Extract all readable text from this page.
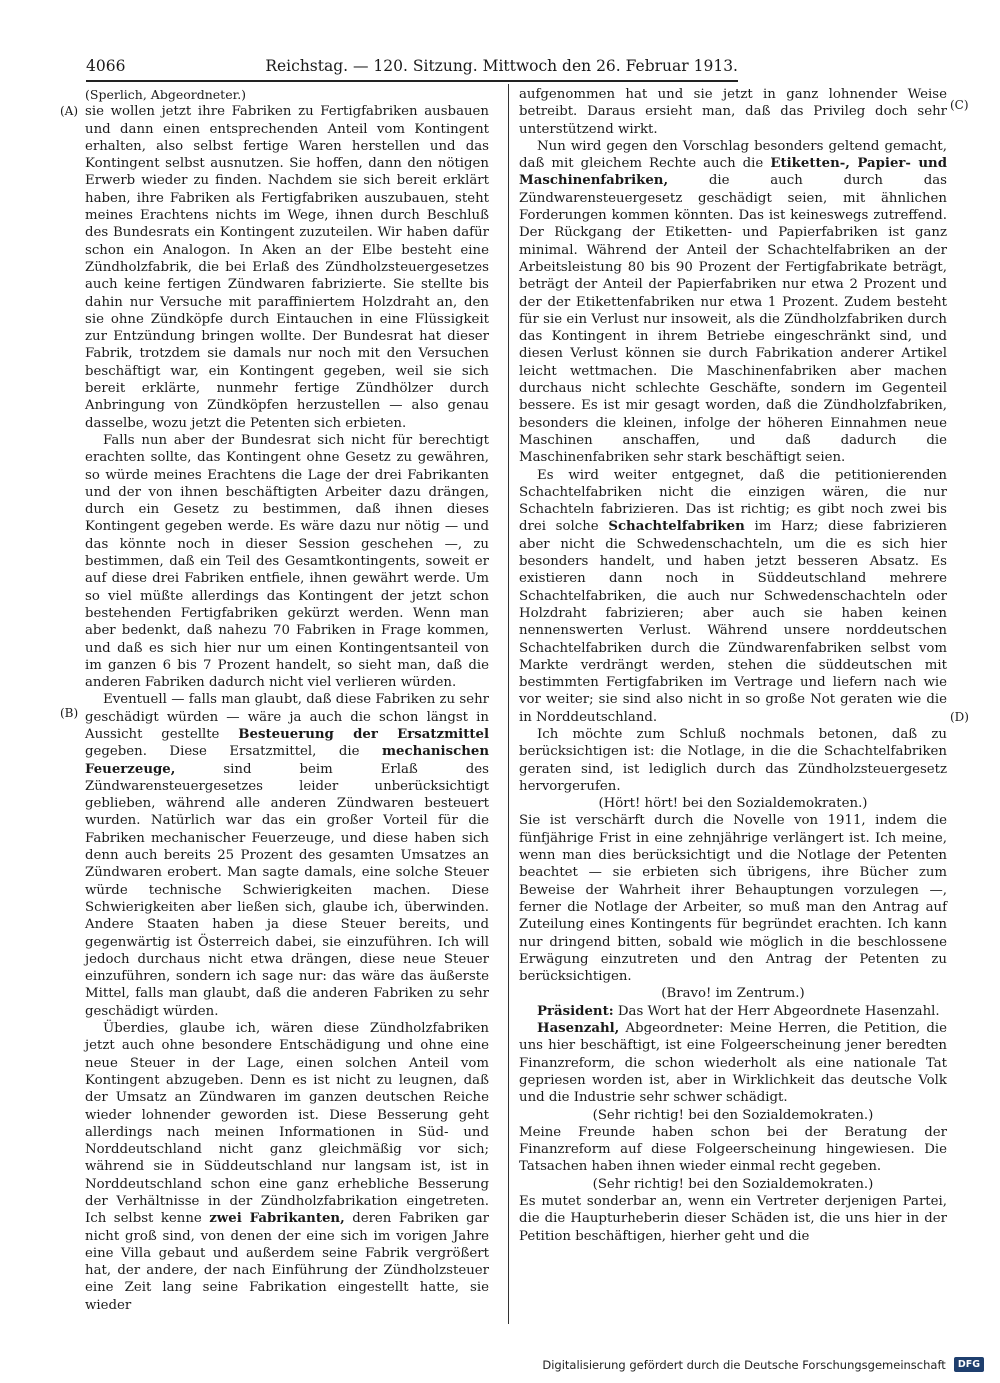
4066	Reichstag. — 120. Sitzung. Mittwoch den 26. Februar 1913.
(A)
(B)
(C)
(D)

(Sperlich, Abgeordneter.)

sie wollen jetzt ihre Fabriken zu Fertigfabriken ausbauen und dann einen entsprechenden Anteil vom Kontingent erhalten, also selbst fertige Waren herstellen und das Kontingent selbst ausnutzen. Sie hoffen, dann den nötigen Erwerb wieder zu finden. Nachdem sie sich bereit erklärt haben, ihre Fabriken als Fertigfabriken auszubauen, steht meines Erachtens nichts im Wege, ihnen durch Beschluß des Bundesrats ein Kontingent zuzuteilen. Wir haben dafür schon ein Analogon. In Aken an der Elbe besteht eine Zündholzfabrik, die bei Erlaß des Zündholzsteuergesetzes auch keine fertigen Zündwaren fabrizierte. Sie stellte bis dahin nur Versuche mit paraffiniertem Holzdraht an, den sie ohne Zündköpfe durch Eintauchen in eine Flüssigkeit zur Entzündung bringen wollte. Der Bundesrat hat dieser Fabrik, trotzdem sie damals nur noch mit den Versuchen beschäftigt war, ein Kontingent gegeben, weil sie sich bereit erklärte, nunmehr fertige Zündhölzer durch Anbringung von Zündköpfen herzustellen — also genau dasselbe, wozu jetzt die Petenten sich erbieten.

Falls nun aber der Bundesrat sich nicht für berechtigt erachten sollte, das Kontingent ohne Gesetz zu gewähren, so würde meines Erachtens die Lage der drei Fabrikanten und der von ihnen beschäftigten Arbeiter dazu drängen, durch ein Gesetz zu bestimmen, daß ihnen dieses Kontingent gegeben werde. Es wäre dazu nur nötig — und das könnte noch in dieser Session geschehen —, zu bestimmen, daß ein Teil des Gesamtkontingents, soweit er auf diese drei Fabriken entfiele, ihnen gewährt werde. Um so viel müßte allerdings das Kontingent der jetzt schon bestehenden Fertigfabriken gekürzt werden. Wenn man aber bedenkt, daß nahezu 70 Fabriken in Frage kommen, und daß es sich hier nur um einen Kontingentsanteil von im ganzen 6 bis 7 Prozent handelt, so sieht man, daß die anderen Fabriken dadurch nicht viel verlieren würden.

Eventuell — falls man glaubt, daß diese Fabriken zu sehr geschädigt würden — wäre ja auch die schon längst in Aussicht gestellte Besteuerung der Ersatzmittel gegeben. Diese Ersatzmittel, die mechanischen Feuerzeuge, sind beim Erlaß des Zündwarensteuergesetzes leider unberücksichtigt geblieben, während alle anderen Zündwaren besteuert wurden. Natürlich war das ein großer Vorteil für die Fabriken mechanischer Feuerzeuge, und diese haben sich denn auch bereits 25 Prozent des gesamten Umsatzes an Zündwaren erobert. Man sagte damals, eine solche Steuer würde technische Schwierigkeiten machen. Diese Schwierigkeiten aber ließen sich, glaube ich, überwinden. Andere Staaten haben ja diese Steuer bereits, und gegenwärtig ist Österreich dabei, sie einzuführen. Ich will jedoch durchaus nicht etwa drängen, diese neue Steuer einzuführen, sondern ich sage nur: das wäre das äußerste Mittel, falls man glaubt, daß die anderen Fabriken zu sehr geschädigt würden.

Überdies, glaube ich, wären diese Zündholzfabriken jetzt auch ohne besondere Entschädigung und ohne eine neue Steuer in der Lage, einen solchen Anteil vom Kontingent abzugeben. Denn es ist nicht zu leugnen, daß der Umsatz an Zündwaren im ganzen deutschen Reiche wieder lohnender geworden ist. Diese Besserung geht allerdings nach meinen Informationen in Süd- und Norddeutschland nicht ganz gleichmäßig vor sich; während sie in Süddeutschland nur langsam ist, ist in Norddeutschland schon eine ganz erhebliche Besserung der Verhältnisse in der Zündholzfabrikation eingetreten. Ich selbst kenne zwei Fabrikanten, deren Fabriken gar nicht groß sind, von denen der eine sich im vorigen Jahre eine Villa gebaut und außerdem seine Fabrik vergrößert hat, der andere, der nach Einführung der Zündholzsteuer eine Zeit lang seine Fabrikation eingestellt hatte, sie wieder

aufgenommen hat und sie jetzt in ganz lohnender Weise betreibt. Daraus ersieht man, daß das Privileg doch sehr unterstützend wirkt.

Nun wird gegen den Vorschlag besonders geltend gemacht, daß mit gleichem Rechte auch die Etiketten-, Papier- und Maschinenfabriken, die auch durch das Zündwarensteuergesetz geschädigt seien, mit ähnlichen Forderungen kommen könnten. Das ist keineswegs zutreffend. Der Rückgang der Etiketten- und Papierfabriken ist ganz minimal. Während der Anteil der Schachtelfabriken an der Arbeitsleistung 80 bis 90 Prozent der Fertigfabrikate beträgt, beträgt der Anteil der Papierfabriken nur etwa 2 Prozent und der der Etikettenfabriken nur etwa 1 Prozent. Zudem besteht für sie ein Verlust nur insoweit, als die Zündholzfabriken durch das Kontingent in ihrem Betriebe eingeschränkt sind, und diesen Verlust können sie durch Fabrikation anderer Artikel leicht wettmachen. Die Maschinenfabriken aber machen durchaus nicht schlechte Geschäfte, sondern im Gegenteil bessere. Es ist mir gesagt worden, daß die Zündholzfabriken, besonders die kleinen, infolge der höheren Einnahmen neue Maschinen anschaffen, und daß dadurch die Maschinenfabriken sehr stark beschäftigt seien.

Es wird weiter entgegnet, daß die petitionierenden Schachtelfabriken nicht die einzigen wären, die nur Schachteln fabrizieren. Das ist richtig; es gibt noch zwei bis drei solche Schachtelfabriken im Harz; diese fabrizieren aber nicht die Schwedenschachteln, um die es sich hier besonders handelt, und haben jetzt besseren Absatz. Es existieren dann noch in Süddeutschland mehrere Schachtelfabriken, die auch nur Schwedenschachteln oder Holzdraht fabrizieren; aber auch sie haben keinen nennenswerten Verlust. Während unsere norddeutschen Schachtelfabriken durch die Zündwarenfabriken selbst vom Markte verdrängt werden, stehen die süddeutschen mit bestimmten Fertigfabriken im Vertrage und liefern nach wie vor weiter; sie sind also nicht in so große Not geraten wie die in Norddeutschland.

Ich möchte zum Schluß nochmals betonen, daß zu berücksichtigen ist: die Notlage, in die die Schachtelfabriken geraten sind, ist lediglich durch das Zündholzsteuergesetz hervorgerufen.

(Hört! hört! bei den Sozialdemokraten.)

Sie ist verschärft durch die Novelle von 1911, indem die fünfjährige Frist in eine zehnjährige verlängert ist. Ich meine, wenn man dies berücksichtigt und die Notlage der Petenten beachtet — sie erbieten sich übrigens, ihre Bücher zum Beweise der Wahrheit ihrer Behauptungen vorzulegen —, ferner die Notlage der Arbeiter, so muß man den Antrag auf Zuteilung eines Kontingents für begründet erachten. Ich kann nur dringend bitten, sobald wie möglich in die beschlossene Erwägung einzutreten und den Antrag der Petenten zu berücksichtigen.

(Bravo! im Zentrum.)

Präsident: Das Wort hat der Herr Abgeordnete Hasenzahl.

Hasenzahl, Abgeordneter: Meine Herren, die Petition, die uns hier beschäftigt, ist eine Folgeerscheinung jener beredten Finanzreform, die schon wiederholt als eine nationale Tat gepriesen worden ist, aber in Wirklichkeit das deutsche Volk und die Industrie sehr schwer schädigt.

(Sehr richtig! bei den Sozialdemokraten.)

Meine Freunde haben schon bei der Beratung der Finanzreform auf diese Folgeerscheinung hingewiesen. Die Tatsachen haben ihnen wieder einmal recht gegeben.

(Sehr richtig! bei den Sozialdemokraten.)

Es mutet sonderbar an, wenn ein Vertreter derjenigen Partei, die die Haupturheberin dieser Schäden ist, die uns hier in der Petition beschäftigen, hierher geht und die

Digitalisierung gefördert durch die Deutsche Forschungsgemeinschaft	DFG
